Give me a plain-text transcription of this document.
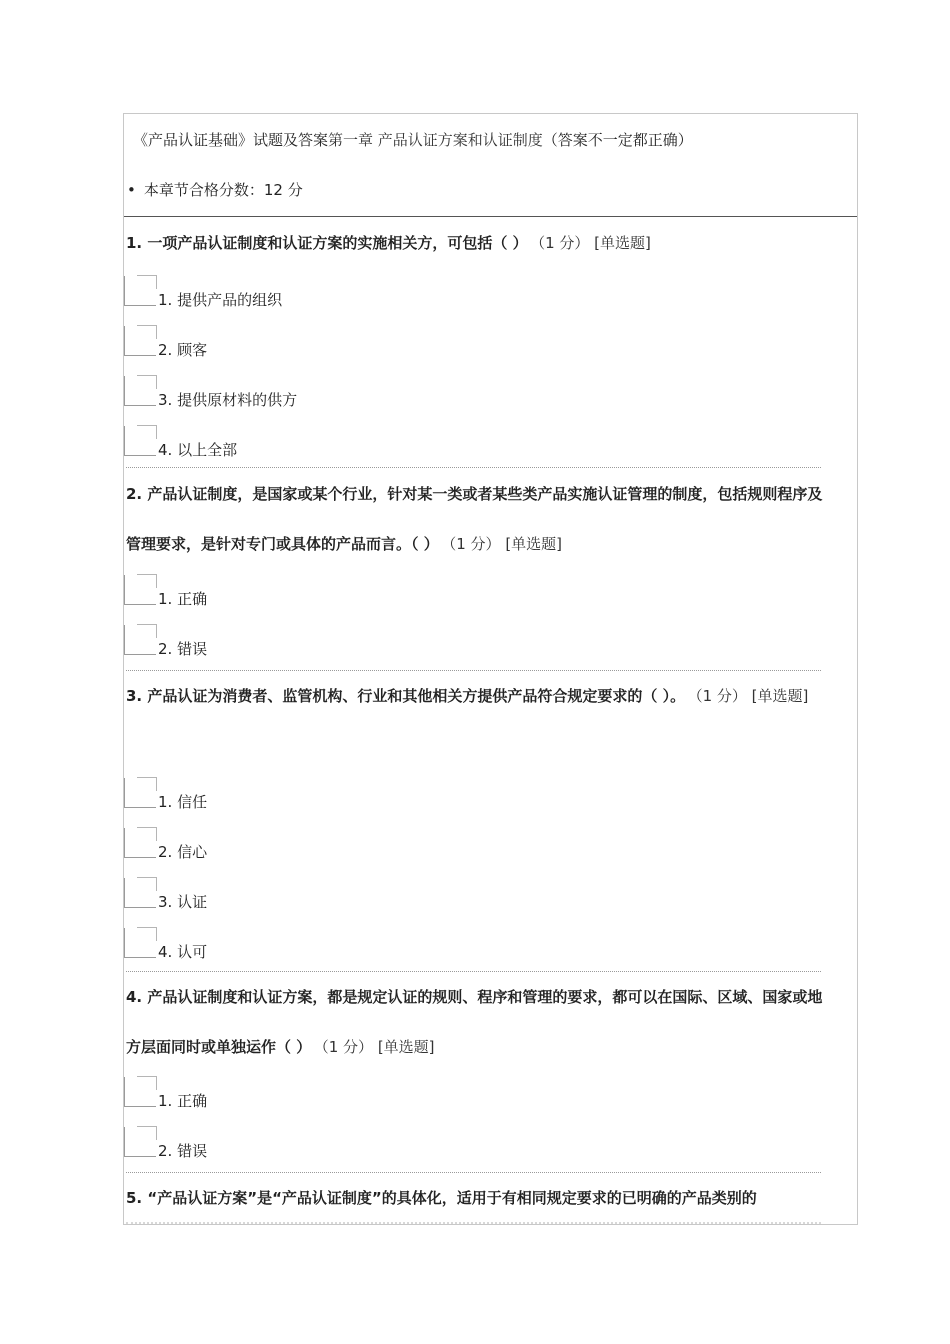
《产品认证基础》试题及答案第一章 产品认证方案和认证制度（答案不一定都正确）
• 本章节合格分数：12 分
1. 一项产品认证制度和认证方案的实施相关方，可包括（ ） （1 分） [单选题]
1. 提供产品的组织
2. 顾客
3. 提供原材料的供方
4. 以上全部
2. 产品认证制度，是国家或某个行业，针对某一类或者某些类产品实施认证管理的制度，包括规则程序及管理要求，是针对专门或具体的产品而言。（ ） （1 分） [单选题]
1. 正确
2. 错误
3. 产品认证为消费者、监管机构、行业和其他相关方提供产品符合规定要求的（ ）。 （1 分） [单选题]
1. 信任
2. 信心
3. 认证
4. 认可
4. 产品认证制度和认证方案，都是规定认证的规则、程序和管理的要求，都可以在国际、区域、国家或地方层面同时或单独运作（ ） （1 分） [单选题]
1. 正确
2. 错误
5. “产品认证方案”是“产品认证制度”的具体化，适用于有相同规定要求的已明确的产品类别的
